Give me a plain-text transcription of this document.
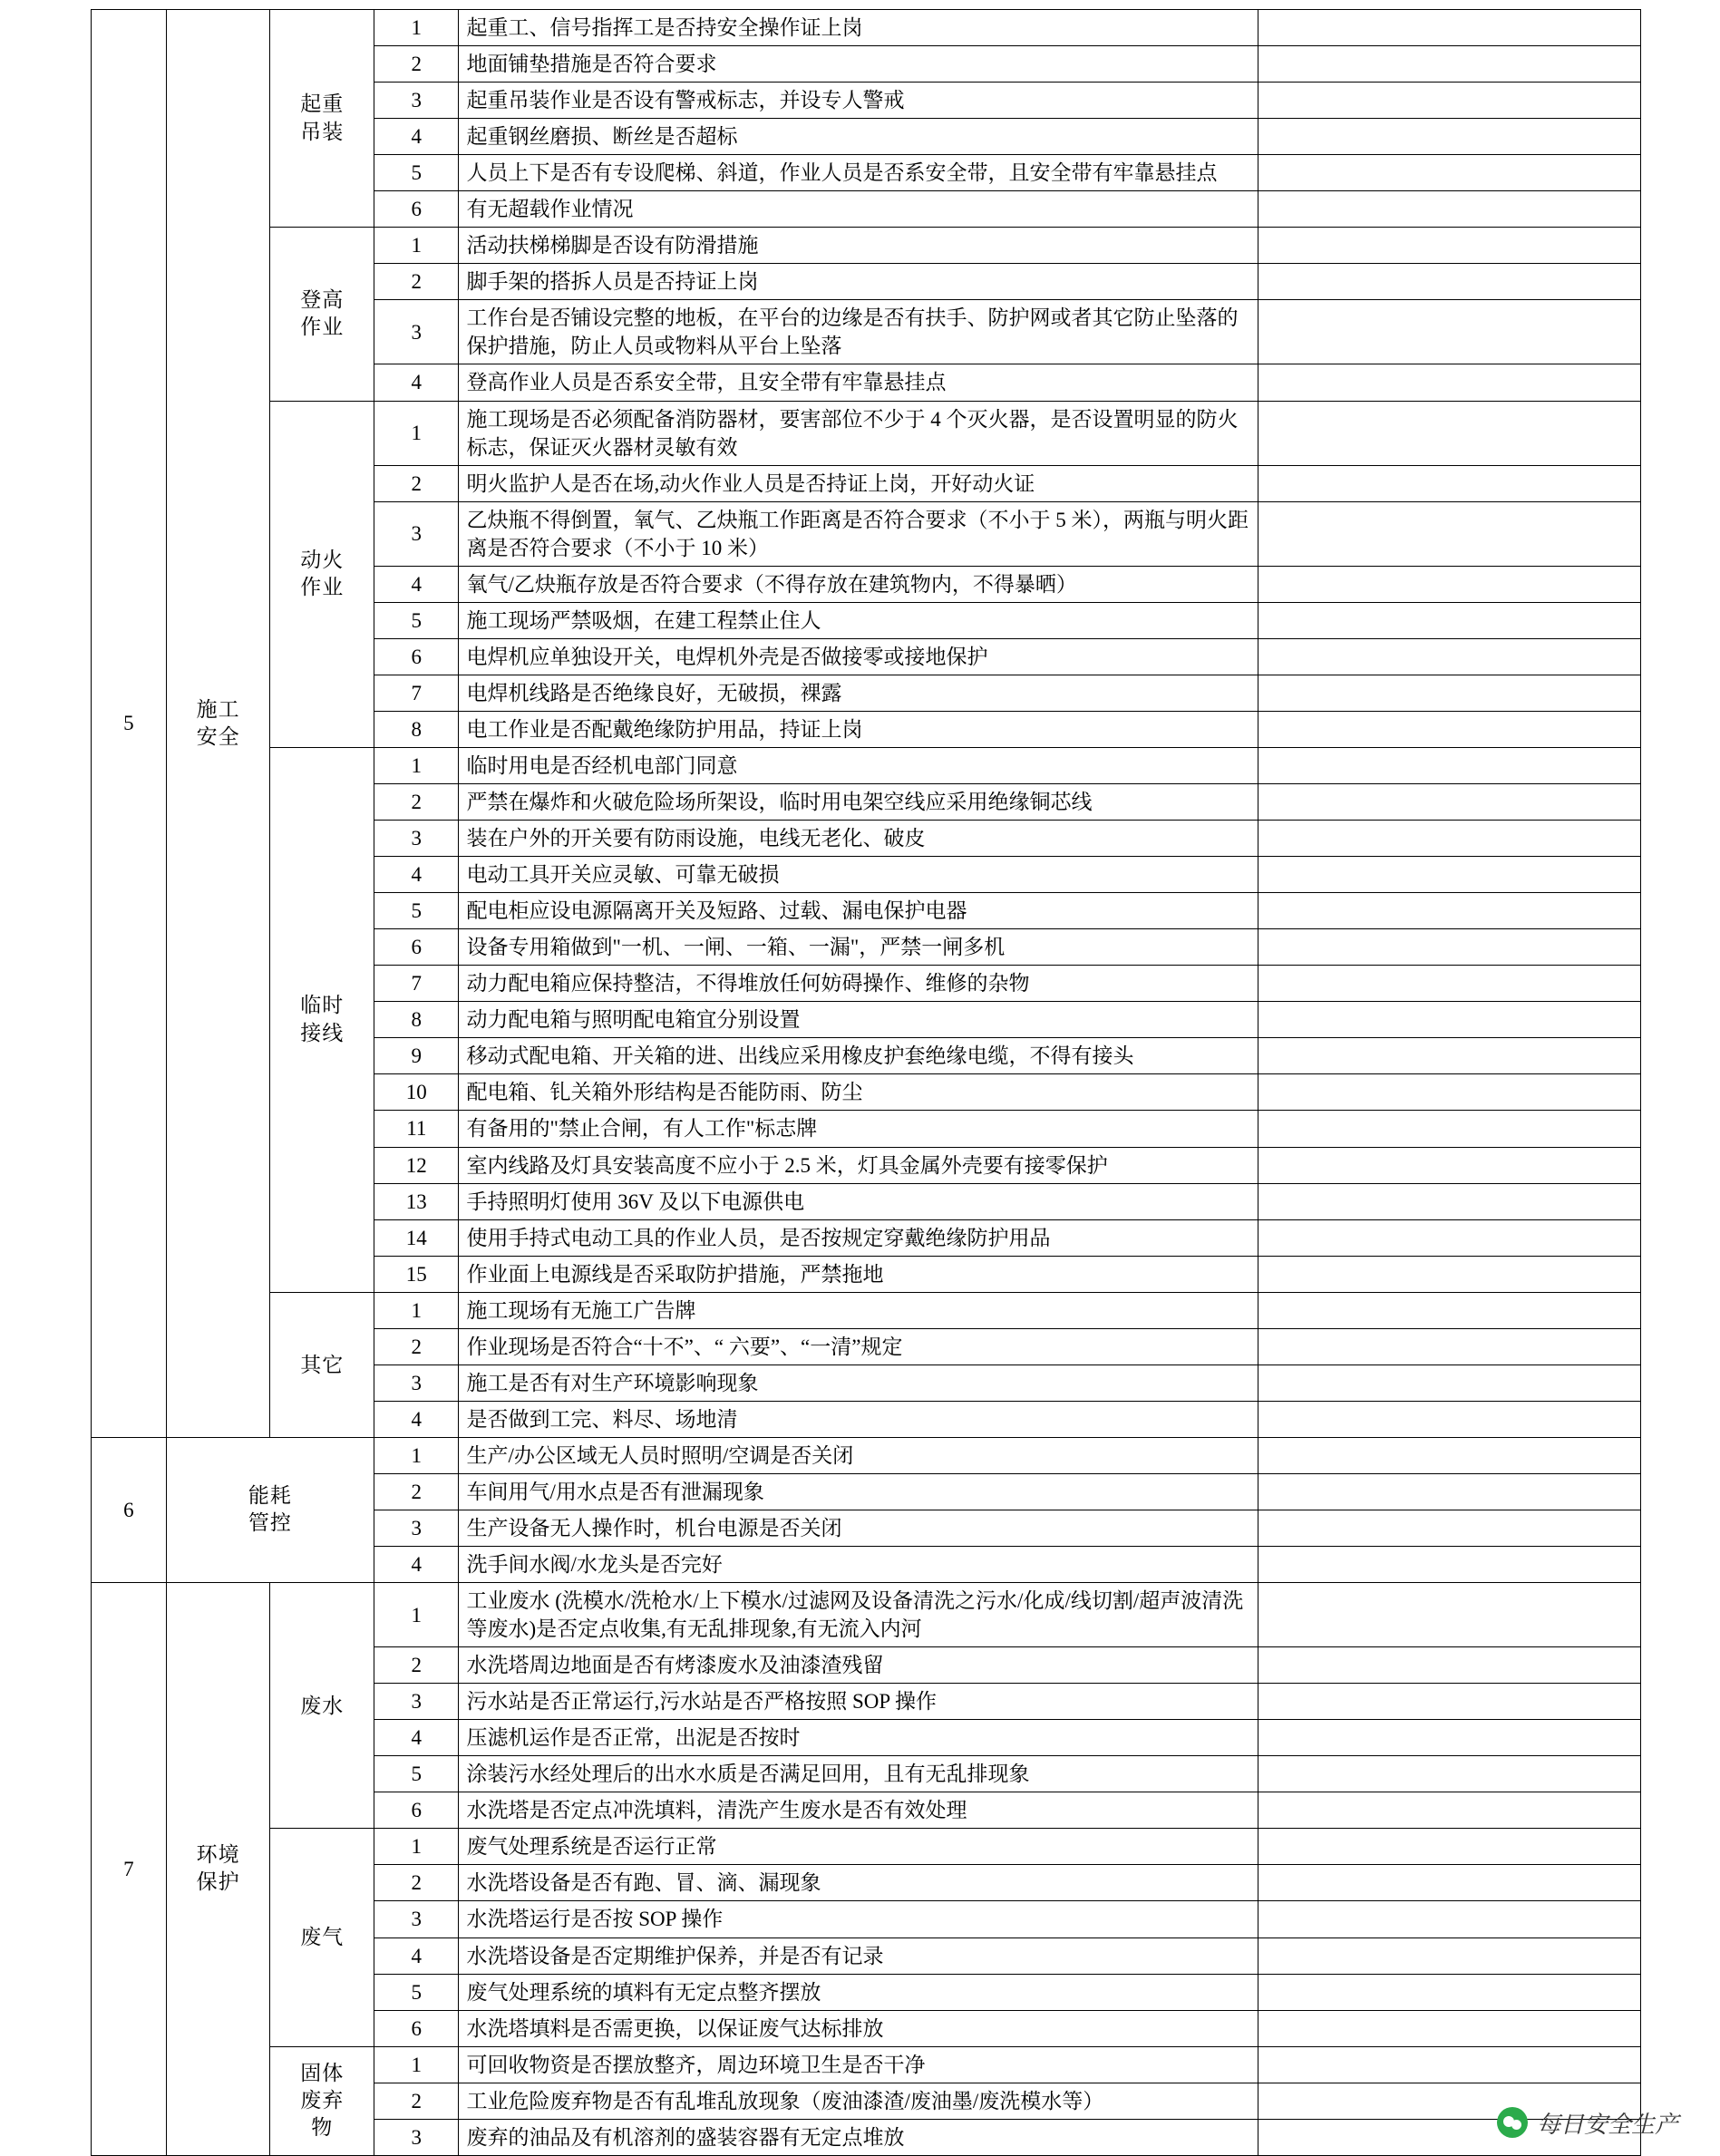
5	施工安全	起重吊装	1	起重工、信号指挥工是否持安全操作证上岗	
			2	地面铺垫措施是否符合要求	
			3	起重吊装作业是否设有警戒标志，并设专人警戒	
			4	起重钢丝磨损、断丝是否超标	
			5	人员上下是否有专设爬梯、斜道，作业人员是否系安全带，且安全带有牢靠悬挂点	
			6	有无超载作业情况	
		登高作业	1	活动扶梯梯脚是否设有防滑措施	
			2	脚手架的搭拆人员是否持证上岗	
			3	工作台是否铺设完整的地板，在平台的边缘是否有扶手、防护网或者其它防止坠落的保护措施，防止人员或物料从平台上坠落	
			4	登高作业人员是否系安全带，且安全带有牢靠悬挂点	
		动火作业	1	施工现场是否必须配备消防器材，要害部位不少于 4 个灭火器，是否设置明显的防火标志，保证灭火器材灵敏有效	
			2	明火监护人是否在场,动火作业人员是否持证上岗，开好动火证	
			3	乙炔瓶不得倒置，氧气、乙炔瓶工作距离是否符合要求（不小于 5 米），两瓶与明火距离是否符合要求（不小于 10 米）	
			4	氧气/乙炔瓶存放是否符合要求（不得存放在建筑物内，不得暴晒）	
			5	施工现场严禁吸烟，在建工程禁止住人	
			6	电焊机应单独设开关，电焊机外壳是否做接零或接地保护	
			7	电焊机线路是否绝缘良好，无破损，裸露	
			8	电工作业是否配戴绝缘防护用品，持证上岗	
		临时接线	1	临时用电是否经机电部门同意	
			2	严禁在爆炸和火破危险场所架设，临时用电架空线应采用绝缘铜芯线	
			3	装在户外的开关要有防雨设施，电线无老化、破皮	
			4	电动工具开关应灵敏、可靠无破损	
			5	配电柜应设电源隔离开关及短路、过载、漏电保护电器	
			6	设备专用箱做到"一机、一闸、一箱、一漏"，严禁一闸多机	
			7	动力配电箱应保持整洁，不得堆放任何妨碍操作、维修的杂物	
			8	动力配电箱与照明配电箱宜分别设置	
			9	移动式配电箱、开关箱的进、出线应采用橡皮护套绝缘电缆，不得有接头	
			10	配电箱、钆关箱外形结构是否能防雨、防尘	
			11	有备用的"禁止合闸，有人工作"标志牌	
			12	室内线路及灯具安装高度不应小于 2.5 米，灯具金属外壳要有接零保护	
			13	手持照明灯使用 36V 及以下电源供电	
			14	使用手持式电动工具的作业人员，是否按规定穿戴绝缘防护用品	
			15	作业面上电源线是否采取防护措施，严禁拖地	
		其它	1	施工现场有无施工广告牌	
			2	作业现场是否符合“十不”、“ 六要”、“一清”规定	
			3	施工是否有对生产环境影响现象	
			4	是否做到工完、料尽、场地清	
6	能耗管控		1	生产/办公区域无人员时照明/空调是否关闭	
			2	车间用气/用水点是否有泄漏现象	
			3	生产设备无人操作时，机台电源是否关闭	
			4	洗手间水阀/水龙头是否完好	
7	环境保护	废水	1	工业废水 (洗模水/洗枪水/上下模水/过滤网及设备清洗之污水/化成/线切割/超声波清洗等废水)是否定点收集,有无乱排现象,有无流入内河	
			2	水洗塔周边地面是否有烤漆废水及油漆渣残留	
			3	污水站是否正常运行,污水站是否严格按照 SOP 操作	
			4	压滤机运作是否正常，出泥是否按时	
			5	涂装污水经处理后的出水水质是否满足回用，且有无乱排现象	
			6	水洗塔是否定点冲洗填料，清洗产生废水是否有效处理	
		废气	1	废气处理系统是否运行正常	
			2	水洗塔设备是否有跑、冒、滴、漏现象	
			3	水洗塔运行是否按 SOP 操作	
			4	水洗塔设备是否定期维护保养，并是否有记录	
			5	废气处理系统的填料有无定点整齐摆放	
			6	水洗塔填料是否需更换，以保证废气达标排放	
		固体废弃物	1	可回收物资是否摆放整齐，周边环境卫生是否干净	
			2	工业危险废弃物是否有乱堆乱放现象（废油漆渣/废油墨/废洗模水等）	
			3	废弃的油品及有机溶剂的盛装容器有无定点堆放		每日安全生产
